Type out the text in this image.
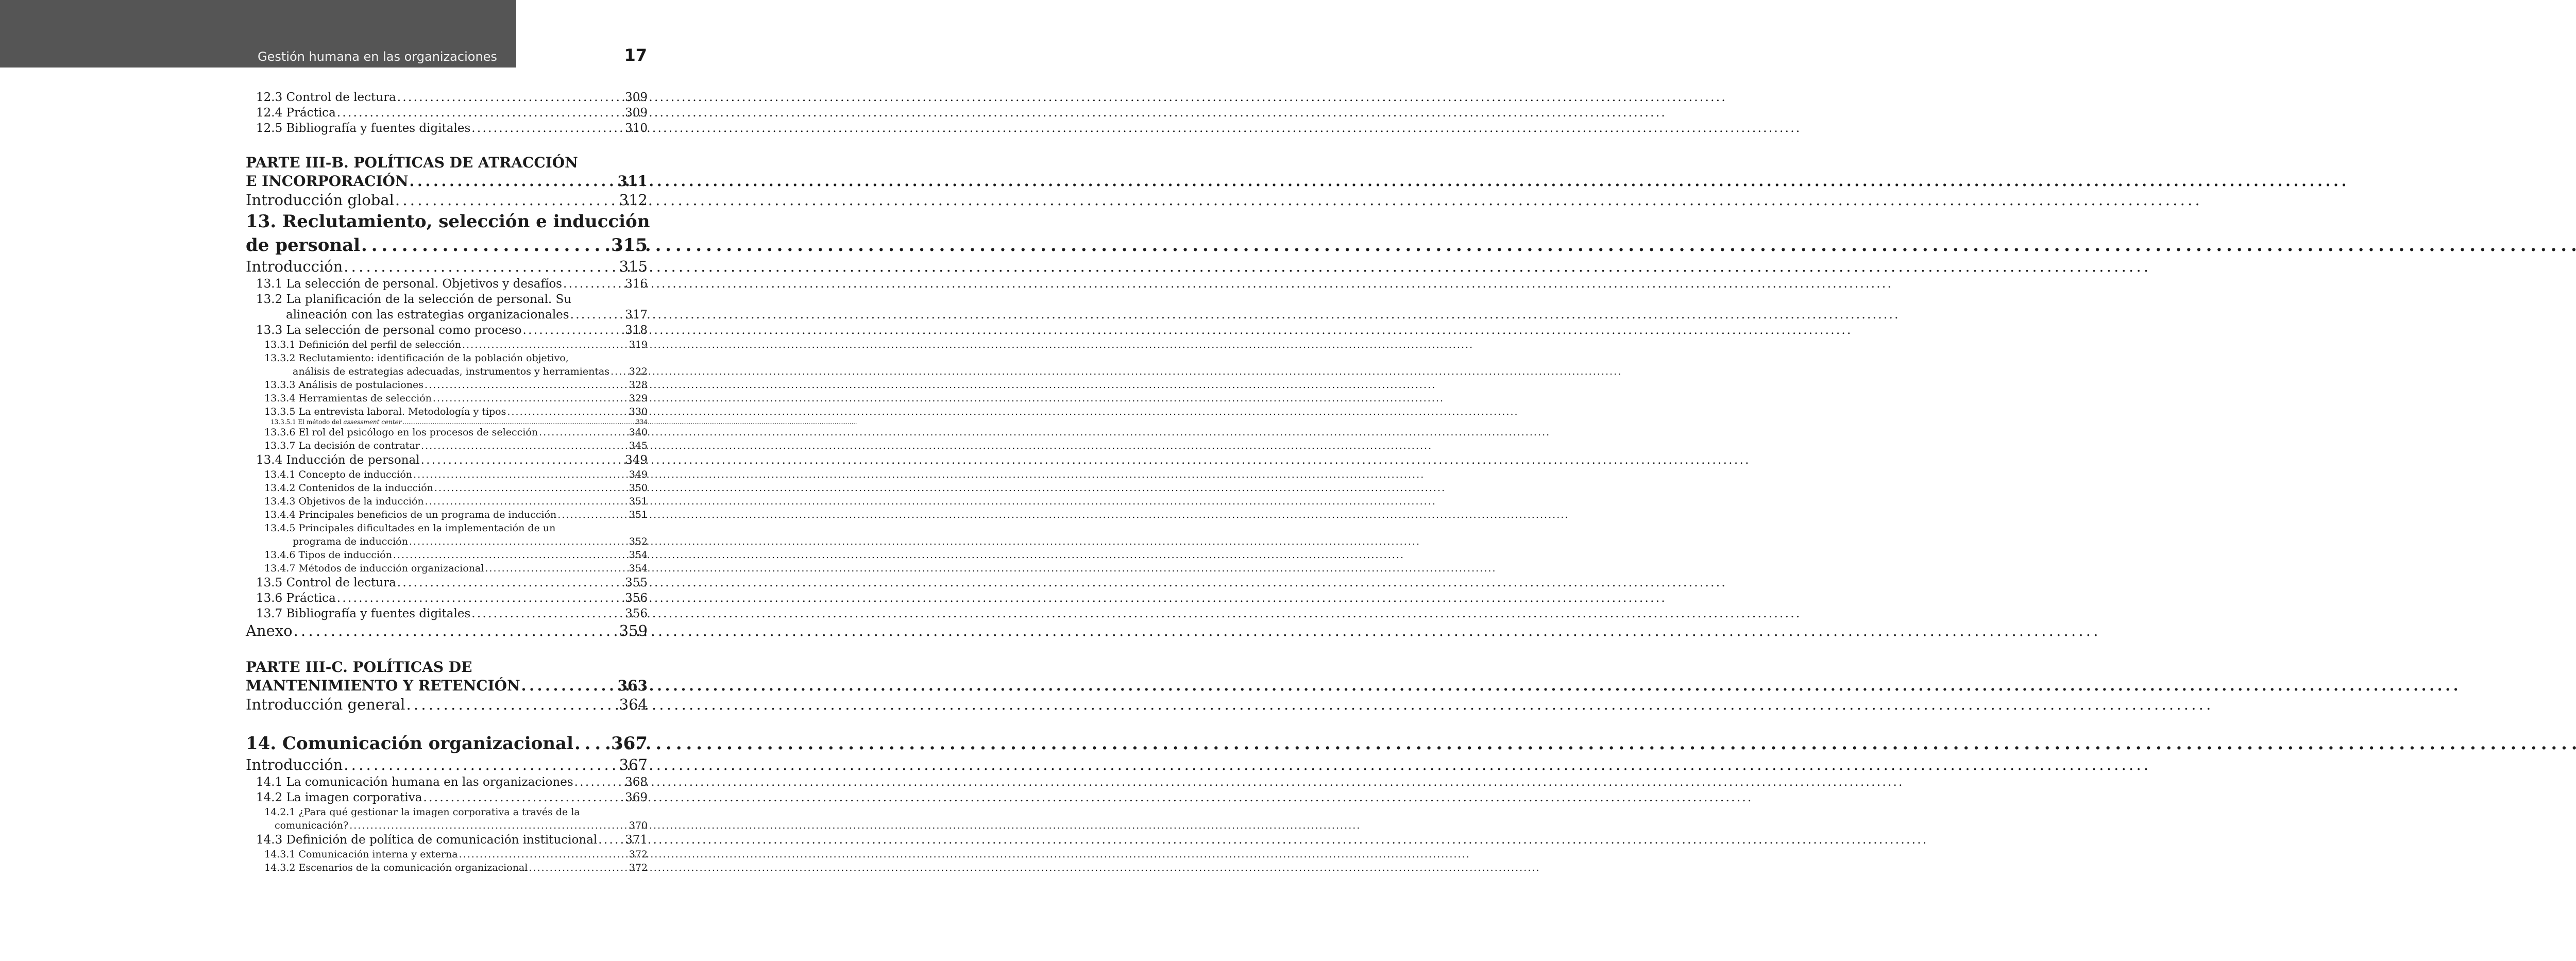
Gestión humana en las organizaciones	17
12.3 Control de lectura . . .	309
12.4 Práctica . . .	309
12.5 Bibliografía y fuentes digitales . . .	310
PARTE III-B. POLÍTICAS DE ATRACCIÓN
E INCORPORACIÓN . . .	311
Introducción global . . .	312
13. Reclutamiento, selección e inducción
de personal . . .	315
Introducción . . .	315
13.1 La selección de personal. Objetivos y desafíos . . .	316
13.2 La planificación de la selección de personal. Su
alineación con las estrategias organizacionales . . .	317
13.3 La selección de personal como proceso . . .	318
13.3.1 Definición del perfil de selección . . .	319
13.3.2 Reclutamiento: identificación de la población objetivo,
análisis de estrategias adecuadas, instrumentos y herramientas . . . 322
13.3.3 Análisis de postulaciones . . .	328
13.3.4 Herramientas de selección . . .	329
13.3.5 La entrevista laboral. Metodología y tipos . . .	330
13.3.5.1 El método del assessment center . . .	334
13.3.6 El rol del psicólogo en los procesos de selección . . .	340
13.3.7 La decisión de contratar . . .	345
13.4 Inducción de personal . . .	349
13.4.1 Concepto de inducción . . .	349
13.4.2 Contenidos de la inducción . . .	350
13.4.3 Objetivos de la inducción . . .	351
13.4.4 Principales beneficios de un programa de inducción . . .	351
13.4.5 Principales dificultades en la implementación de un
programa de inducción . . .	352
13.4.6 Tipos de inducción . . .	354
13.4.7 Métodos de inducción organizacional . . .	354
13.5 Control de lectura . . .	355
13.6 Práctica . . .	356
13.7 Bibliografía y fuentes digitales . . .	356
Anexo . . .	359
PARTE III-C. POLÍTICAS DE
MANTENIMIENTO Y RETENCIÓN . . .	363
Introducción general . . .	364
14. Comunicación organizacional . . . 367
Introducción . . .	367
14.1 La comunicación humana en las organizaciones . . .	368
14.2 La imagen corporativa . . .	369
14.2.1 ¿Para qué gestionar la imagen corporativa a través de la
comunicación? . . .	370
14.3 Definición de política de comunicación institucional . . . 371
14.3.1 Comunicación interna y externa . . .	372
14.3.2 Escenarios de la comunicación organizacional . . .	372
